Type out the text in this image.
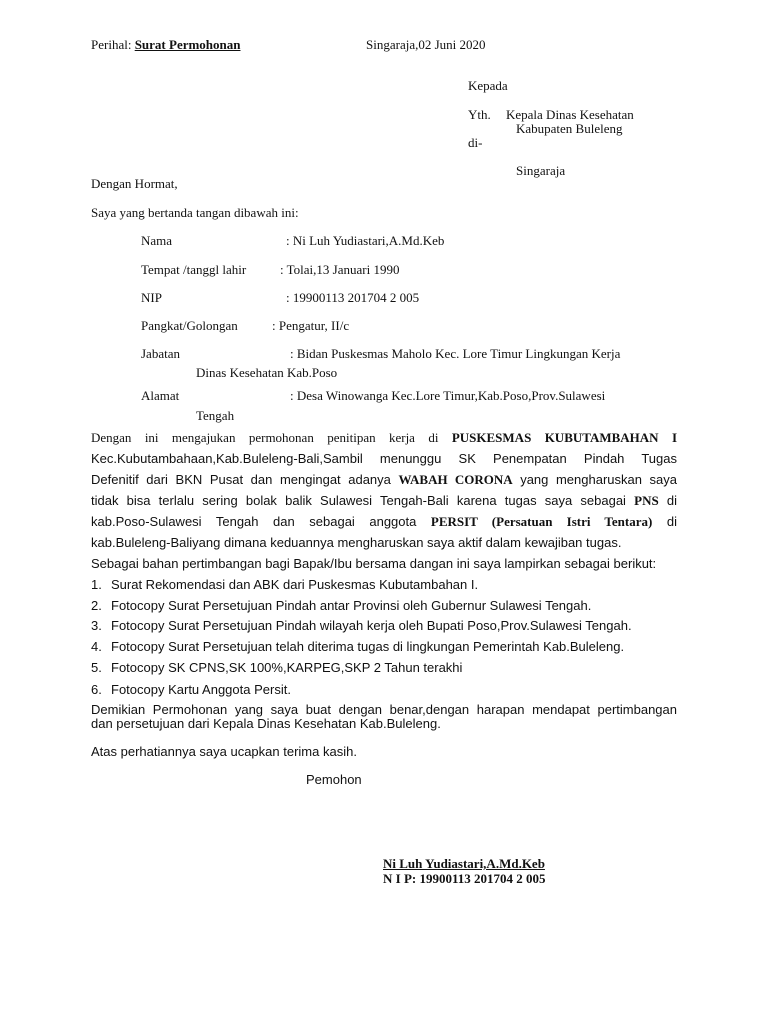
Perihal: Surat Permohonan	Singaraja,02 Juni 2020
Kepada
Yth. Kepala Dinas Kesehatan
Kabupaten Buleleng
di-
Singaraja
Dengan Hormat,
Saya yang bertanda tangan dibawah ini:
Nama	: Ni Luh Yudiastari,A.Md.Keb
Tempat /tanggl lahir	: Tolai,13 Januari 1990
NIP	: 19900113 201704 2 005
Pangkat/Golongan	: Pengatur, II/c
Jabatan	: Bidan Puskesmas Maholo Kec. Lore Timur Lingkungan Kerja
Dinas Kesehatan Kab.Poso
Alamat	: Desa Winowanga Kec.Lore Timur,Kab.Poso,Prov.Sulawesi
Tengah
Dengan ini mengajukan permohonan penitipan kerja di PUSKESMAS KUBUTAMBAHAN I
Kec.Kubutambahaan,Kab.Buleleng-Bali,Sambil menunggu SK Penempatan Pindah Tugas
Defenitif dari BKN Pusat dan mengingat adanya WABAH CORONA yang mengharuskan saya
tidak bisa terlalu sering bolak balik Sulawesi Tengah-Bali karena tugas saya sebagai PNS di
kab.Poso-Sulawesi Tengah dan sebagai anggota PERSIT (Persatuan Istri Tentara) di
kab.Buleleng-Baliyang dimana keduannya mengharuskan saya aktif dalam kewajiban tugas.
Sebagai bahan pertimbangan bagi Bapak/Ibu bersama dangan ini saya lampirkan sebagai berikut:
1. Surat Rekomendasi dan ABK dari Puskesmas Kubutambahan I.
2. Fotocopy Surat Persetujuan Pindah antar Provinsi oleh Gubernur Sulawesi Tengah.
3. Fotocopy Surat Persetujuan Pindah wilayah kerja oleh Bupati Poso,Prov.Sulawesi Tengah.
4. Fotocopy Surat Persetujuan telah diterima tugas di lingkungan Pemerintah Kab.Buleleng.
5. Fotocopy SK CPNS,SK 100%,KARPEG,SKP 2 Tahun terakhi
6. Fotocopy Kartu Anggota Persit.
Demikian Permohonan yang saya buat dengan benar,dengan harapan mendapat pertimbangan
dan persetujuan dari Kepala Dinas Kesehatan Kab.Buleleng.
Atas perhatiannya saya ucapkan terima kasih.
Pemohon
Ni Luh Yudiastari,A.Md.Keb
N I P: 19900113 201704 2 005
